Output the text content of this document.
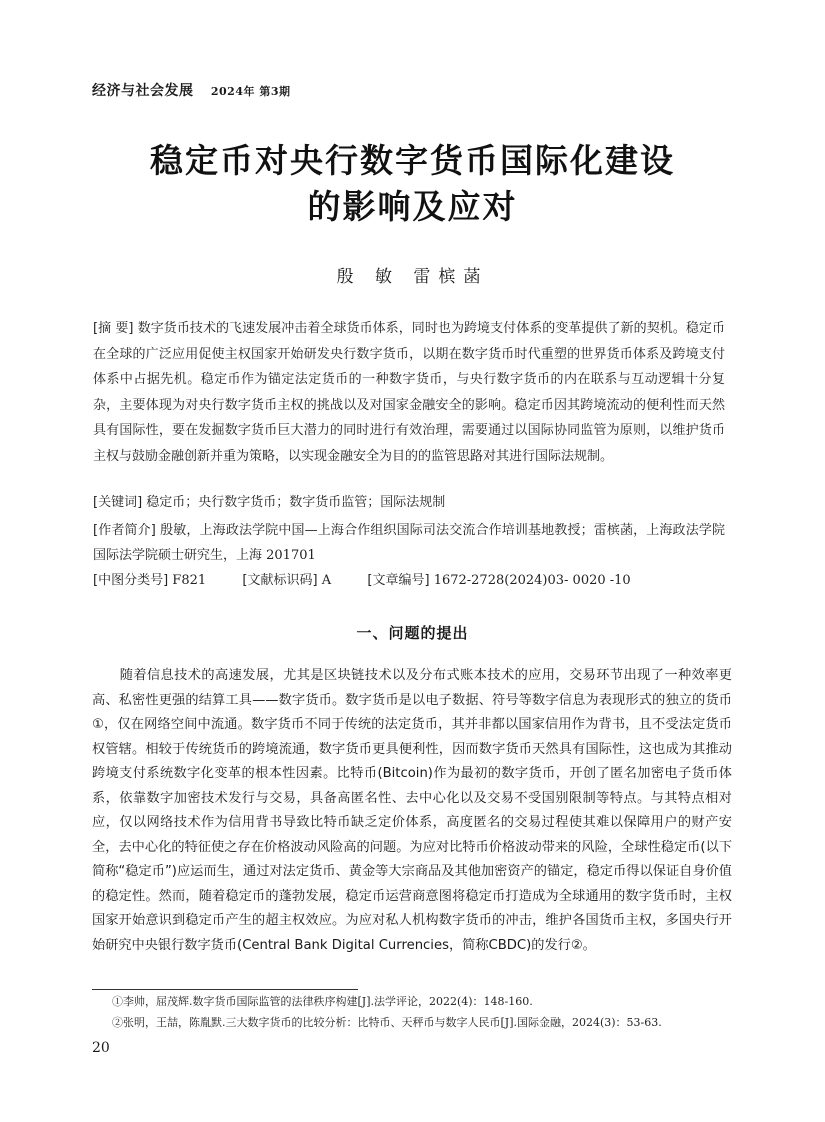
经济与社会发展 2024年 第3期
稳定币对央行数字货币国际化建设
的影响及应对
殷 敏 雷槟菡
[摘 要] 数字货币技术的飞速发展冲击着全球货币体系，同时也为跨境支付体系的变革提供了新的契机。稳定币在全球的广泛应用促使主权国家开始研发央行数字货币，以期在数字货币时代重塑的世界货币体系及跨境支付体系中占据先机。稳定币作为锚定法定货币的一种数字货币，与央行数字货币的内在联系与互动逻辑十分复杂，主要体现为对央行数字货币主权的挑战以及对国家金融安全的影响。稳定币因其跨境流动的便利性而天然具有国际性，要在发掘数字货币巨大潜力的同时进行有效治理，需要通过以国际协同监管为原则，以维护货币主权与鼓励金融创新并重为策略，以实现金融安全为目的的监管思路对其进行国际法规制。
[关键词] 稳定币；央行数字货币；数字货币监管；国际法规制
[作者简介] 殷敏，上海政法学院中国—上海合作组织国际司法交流合作培训基地教授；雷槟菡，上海政法学院国际法学院硕士研究生，上海 201701
[中图分类号] F821	[文献标识码] A	[文章编号] 1672-2728(2024)03- 0020 -10
一、问题的提出
随着信息技术的高速发展，尤其是区块链技术以及分布式账本技术的应用，交易环节出现了一种效率更高、私密性更强的结算工具——数字货币。数字货币是以电子数据、符号等数字信息为表现形式的独立的货币①，仅在网络空间中流通。数字货币不同于传统的法定货币，其并非都以国家信用作为背书，且不受法定货币权管辖。相较于传统货币的跨境流通，数字货币更具便利性，因而数字货币天然具有国际性，这也成为其推动跨境支付系统数字化变革的根本性因素。比特币(Bitcoin)作为最初的数字货币，开创了匿名加密电子货币体系，依靠数字加密技术发行与交易，具备高匿名性、去中心化以及交易不受国别限制等特点。与其特点相对应，仅以网络技术作为信用背书导致比特币缺乏定价体系，高度匿名的交易过程使其难以保障用户的财产安全，去中心化的特征使之存在价格波动风险高的问题。为应对比特币价格波动带来的风险，全球性稳定币(以下简称“稳定币”)应运而生，通过对法定货币、黄金等大宗商品及其他加密资产的锚定，稳定币得以保证自身价值的稳定性。然而，随着稳定币的蓬勃发展，稳定币运营商意图将稳定币打造成为全球通用的数字货币时，主权国家开始意识到稳定币产生的超主权效应。为应对私人机构数字货币的冲击，维护各国货币主权，多国央行开始研究中央银行数字货币(Central Bank Digital Currencies，简称CBDC)的发行②。
①李帅，屈茂辉.数字货币国际监管的法律秩序构建[J].法学评论，2022(4)：148-160.
②张明，王喆，陈胤默.三大数字货币的比较分析：比特币、天秤币与数字人民币[J].国际金融，2024(3)：53-63.
20
